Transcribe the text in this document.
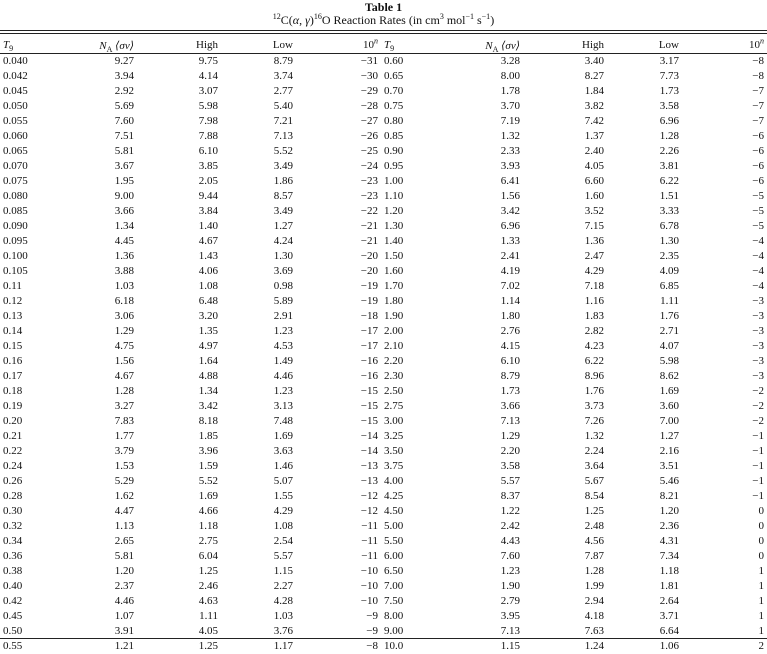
Table 1
$^{12}$C(α, γ)$^{16}$O Reaction Rates (in $cm^3$ mol$^{-1}$ $s^{-1}$)
$T_9$	$N_A$ ⟨σv⟩	High	Low	10$^n$	$T_9$	$N_A$ ⟨σv⟩	High	Low	10$^n$
0.040	9.27	9.75	8.79	−31	0.60	3.28	3.40	3.17	−8
0.042	3.94	4.14	3.74	−30	0.65	8.00	8.27	7.73	−8
0.045	2.92	3.07	2.77	−29	0.70	1.78	1.84	1.73	−7
0.050	5.69	5.98	5.40	−28	0.75	3.70	3.82	3.58	−7
0.055	7.60	7.98	7.21	−27	0.80	7.19	7.42	6.96	−7
0.060	7.51	7.88	7.13	−26	0.85	1.32	1.37	1.28	−6
0.065	5.81	6.10	5.52	−25	0.90	2.33	2.40	2.26	−6
0.070	3.67	3.85	3.49	−24	0.95	3.93	4.05	3.81	−6
0.075	1.95	2.05	1.86	−23	1.00	6.41	6.60	6.22	−6
0.080	9.00	9.44	8.57	−23	1.10	1.56	1.60	1.51	−5
0.085	3.66	3.84	3.49	−22	1.20	3.42	3.52	3.33	−5
0.090	1.34	1.40	1.27	−21	1.30	6.96	7.15	6.78	−5
0.095	4.45	4.67	4.24	−21	1.40	1.33	1.36	1.30	−4
0.100	1.36	1.43	1.30	−20	1.50	2.41	2.47	2.35	−4
0.105	3.88	4.06	3.69	−20	1.60	4.19	4.29	4.09	−4
0.11	1.03	1.08	0.98	−19	1.70	7.02	7.18	6.85	−4
0.12	6.18	6.48	5.89	−19	1.80	1.14	1.16	1.11	−3
0.13	3.06	3.20	2.91	−18	1.90	1.80	1.83	1.76	−3
0.14	1.29	1.35	1.23	−17	2.00	2.76	2.82	2.71	−3
0.15	4.75	4.97	4.53	−17	2.10	4.15	4.23	4.07	−3
0.16	1.56	1.64	1.49	−16	2.20	6.10	6.22	5.98	−3
0.17	4.67	4.88	4.46	−16	2.30	8.79	8.96	8.62	−3
0.18	1.28	1.34	1.23	−15	2.50	1.73	1.76	1.69	−2
0.19	3.27	3.42	3.13	−15	2.75	3.66	3.73	3.60	−2
0.20	7.83	8.18	7.48	−15	3.00	7.13	7.26	7.00	−2
0.21	1.77	1.85	1.69	−14	3.25	1.29	1.32	1.27	−1
0.22	3.79	3.96	3.63	−14	3.50	2.20	2.24	2.16	−1
0.24	1.53	1.59	1.46	−13	3.75	3.58	3.64	3.51	−1
0.26	5.29	5.52	5.07	−13	4.00	5.57	5.67	5.46	−1
0.28	1.62	1.69	1.55	−12	4.25	8.37	8.54	8.21	−1
0.30	4.47	4.66	4.29	−12	4.50	1.22	1.25	1.20	0
0.32	1.13	1.18	1.08	−11	5.00	2.42	2.48	2.36	0
0.34	2.65	2.75	2.54	−11	5.50	4.43	4.56	4.31	0
0.36	5.81	6.04	5.57	−11	6.00	7.60	7.87	7.34	0
0.38	1.20	1.25	1.15	−10	6.50	1.23	1.28	1.18	1
0.40	2.37	2.46	2.27	−10	7.00	1.90	1.99	1.81	1
0.42	4.46	4.63	4.28	−10	7.50	2.79	2.94	2.64	1
0.45	1.07	1.11	1.03	−9	8.00	3.95	4.18	3.71	1
0.50	3.91	4.05	3.76	−9	9.00	7.13	7.63	6.64	1
0.55	1.21	1.25	1.17	−8	10.0	1.15	1.24	1.06	2
